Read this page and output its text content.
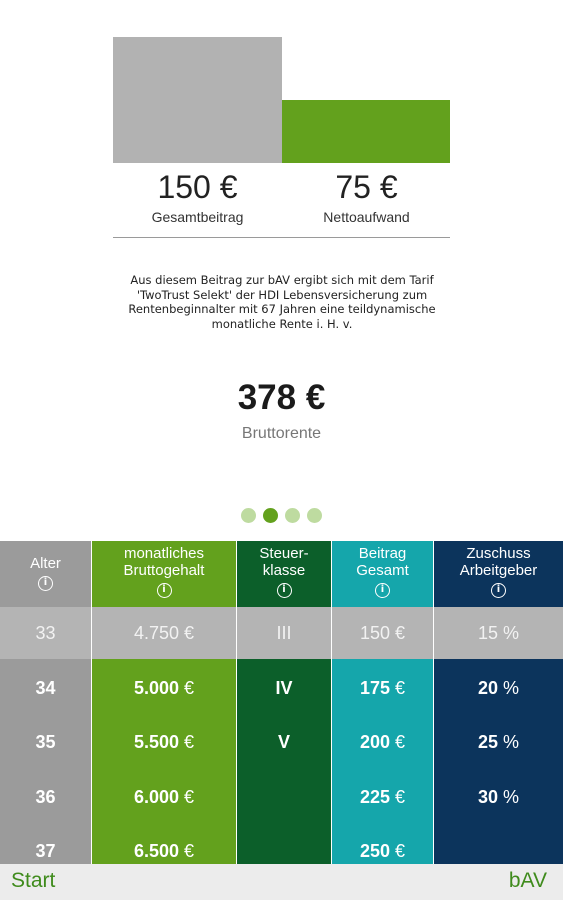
150 €
Gesamtbeitrag
75 €
Nettoaufwand
Aus diesem Beitrag zur bAV ergibt sich mit dem Tarif 'TwoTrust Selekt' der HDI Lebensversicherung zum Rentenbeginnalter mit 67 Jahren eine teildynamische monatliche Rente i. H. v.
378 €
Bruttorente
Alter
i
33
34
35
36
37
monatliches
Bruttogehalt
i
4.750 €
5.000 €
5.500 €
6.000 €
6.500 €
Steuer-
klasse
i
III
IV
V
Beitrag
Gesamt
i
150 €
175 €
200 €
225 €
250 €
Zuschuss
Arbeitgeber
i
15 %
20 %
25 %
30 %
Start	bAV
